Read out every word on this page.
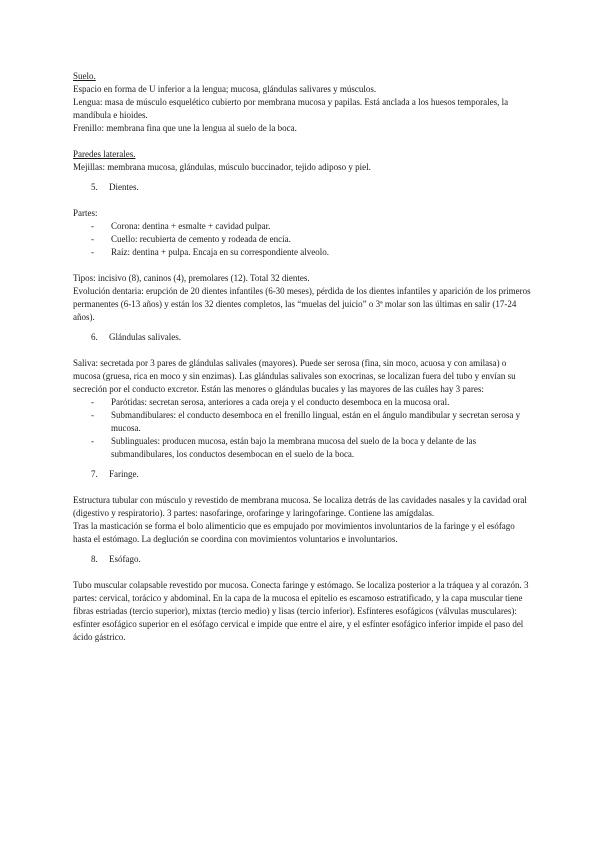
Suelo.

Espacio en forma de U inferior a la lengua; mucosa, glándulas salivares y músculos.

Lengua: masa de músculo esquelético cubierto por membrana mucosa y papilas. Está anclada a los huesos temporales, la mandíbula e hioides.

Frenillo: membrana fina que une la lengua al suelo de la boca.

Paredes laterales.

Mejillas: membrana mucosa, glándulas, músculo buccinador, tejido adiposo y piel.

5.	Dientes.

Partes:

-	Corona: dentina + esmalte + cavidad pulpar.
-	Cuello: recubierta de cemento y rodeada de encía.
-	Raíz: dentina + pulpa. Encaja en su correspondiente alveolo.

Tipos: incisivo (8), caninos (4), premolares (12). Total 32 dientes.

Evolución dentaria: erupción de 20 dientes infantiles (6-30 meses), pérdida de los dientes infantiles y aparición de los primeros permanentes (6-13 años) y están los 32 dientes completos, las “muelas del juicio” o 3ª molar son las últimas en salir (17-24 años).

6.	Glándulas salivales.

Saliva: secretada por 3 pares de glándulas salivales (mayores). Puede ser serosa (fina, sin moco, acuosa y con amilasa) o mucosa (gruesa, rica en moco y sin enzimas). Las glándulas salivales son exocrinas, se localizan fuera del tubo y envían su secreción por el conducto excretor. Están las menores o glándulas bucales y las mayores de las cuáles hay 3 pares:

-	Parótidas: secretan serosa, anteriores a cada oreja y el conducto desemboca en la mucosa oral.
-	Submandibulares: el conducto desemboca en el frenillo lingual, están en el ángulo mandibular y secretan serosa y mucosa.
-	Sublinguales: producen mucosa, están bajo la membrana mucosa del suelo de la boca y delante de las submandibulares, los conductos desembocan en el suelo de la boca.
7.	Faringe.

Estructura tubular con músculo y revestido de membrana mucosa. Se localiza detrás de las cavidades nasales y la cavidad oral (digestivo y respiratorio). 3 partes: nasofaringe, orofaringe y laringofaringe. Contiene las amígdalas.

Tras la masticación se forma el bolo alimenticio que es empujado por movimientos involuntarios de la faringe y el esófago hasta el estómago. La deglución se coordina con movimientos voluntarios e involuntarios.

8.	Esófago.

Tubo muscular colapsable revestido por mucosa. Conecta faringe y estómago. Se localiza posterior a la tráquea y al corazón. 3 partes: cervical, torácico y abdominal. En la capa de la mucosa el epitelio es escamoso estratificado, y la capa muscular tiene fibras estriadas (tercio superior), mixtas (tercio medio) y lisas (tercio inferior). Esfínteres esofágicos (válvulas musculares): esfínter esofágico superior en el esófago cervical e impide que entre el aire, y el esfínter esofágico inferior impide el paso del ácido gástrico.
